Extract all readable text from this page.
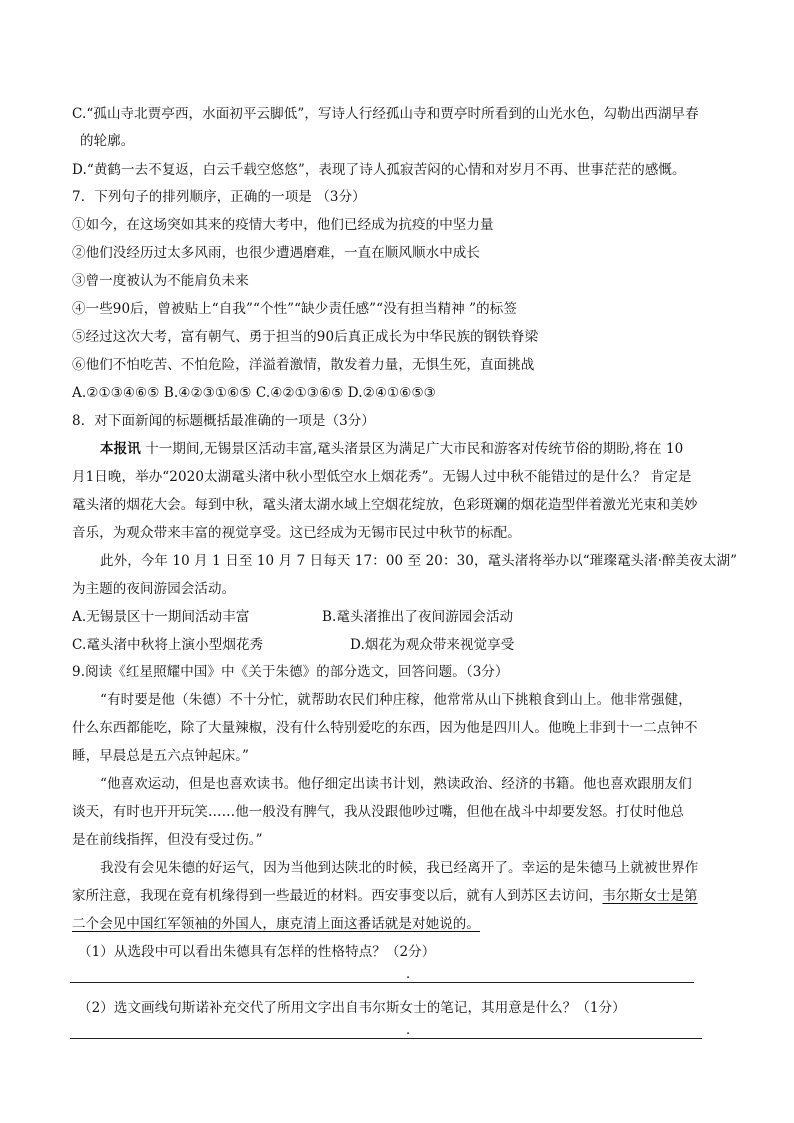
C.“孤山寺北贾亭西，水面初平云脚低”，写诗人行经孤山寺和贾亭时所看到的山光水色，勾勒出西湖早春
的轮廓。
D.“黄鹤一去不复返，白云千载空悠悠”，表现了诗人孤寂苦闷的心情和对岁月不再、世事茫茫的感慨。
7．下列句子的排列顺序，正确的一项是 （3分）
①如今，在这场突如其来的疫情大考中，他们已经成为抗疫的中坚力量
②他们没经历过太多风雨，也很少遭遇磨难，一直在顺风顺水中成长
③曾一度被认为不能肩负未来
④一些90后，曾被贴上“自我”“个性”“缺少责任感”“没有担当精神 ”的标签
⑤经过这次大考，富有朝气、勇于担当的90后真正成长为中华民族的钢铁脊梁
⑥他们不怕吃苦、不怕危险，洋溢着激情，散发着力量，无惧生死，直面挑战
A.②①③④⑥⑤ B.④②③①⑥⑤ C.④②①③⑥⑤ D.②④①⑥⑤③
8．对下面新闻的标题概括最准确的一项是（3分）
本报讯 十一期间,无锡景区活动丰富,鼋头渚景区为满足广大市民和游客对传统节俗的期盼,将在 10
月1日晚，举办“2020太湖鼋头渚中秋小型低空水上烟花秀”。无锡人过中秋不能错过的是什么？ 肯定是
鼋头渚的烟花大会。每到中秋，鼋头渚太湖水域上空烟花绽放，色彩斑斓的烟花造型伴着激光光束和美妙
音乐，为观众带来丰富的视觉享受。这已经成为无锡市民过中秋节的标配。
此外，今年 10 月 1 日至 10 月 7 日每天 17：00 至 20：30，鼋头渚将举办以“璀璨鼋头渚·醉美夜太湖”
为主题的夜间游园会活动。
A.无锡景区十一期间活动丰富	B.鼋头渚推出了夜间游园会活动
C.鼋头渚中秋将上演小型烟花秀	D.烟花为观众带来视觉享受
9.阅读《红星照耀中国》中《关于朱德》的部分选文，回答问题。（3分）
“有时要是他（朱德）不十分忙，就帮助农民们种庄稼，他常常从山下挑粮食到山上。他非常强健，
什么东西都能吃，除了大量辣椒，没有什么特别爱吃的东西，因为他是四川人。他晚上非到十一二点钟不
睡，早晨总是五六点钟起床。”
“他喜欢运动，但是也喜欢读书。他仔细定出读书计划，熟读政治、经济的书籍。他也喜欢跟朋友们
谈天，有时也开开玩笑……他一般没有脾气，我从没跟他吵过嘴，但他在战斗中却要发怒。打仗时他总
是在前线指挥，但没有受过伤。”
我没有会见朱德的好运气，因为当他到达陕北的时候，我已经离开了。幸运的是朱德马上就被世界作
家所注意，我现在竟有机缘得到一些最近的材料。西安事变以后，就有人到苏区去访问，韦尔斯女士是第
二个会见中国红军领袖的外国人，康克清上面这番话就是对她说的。
（1）从选段中可以看出朱德具有怎样的性格特点？（2分）
.
（2）选文画线句斯诺补充交代了所用文字出自韦尔斯女士的笔记，其用意是什么？（1分）
.
